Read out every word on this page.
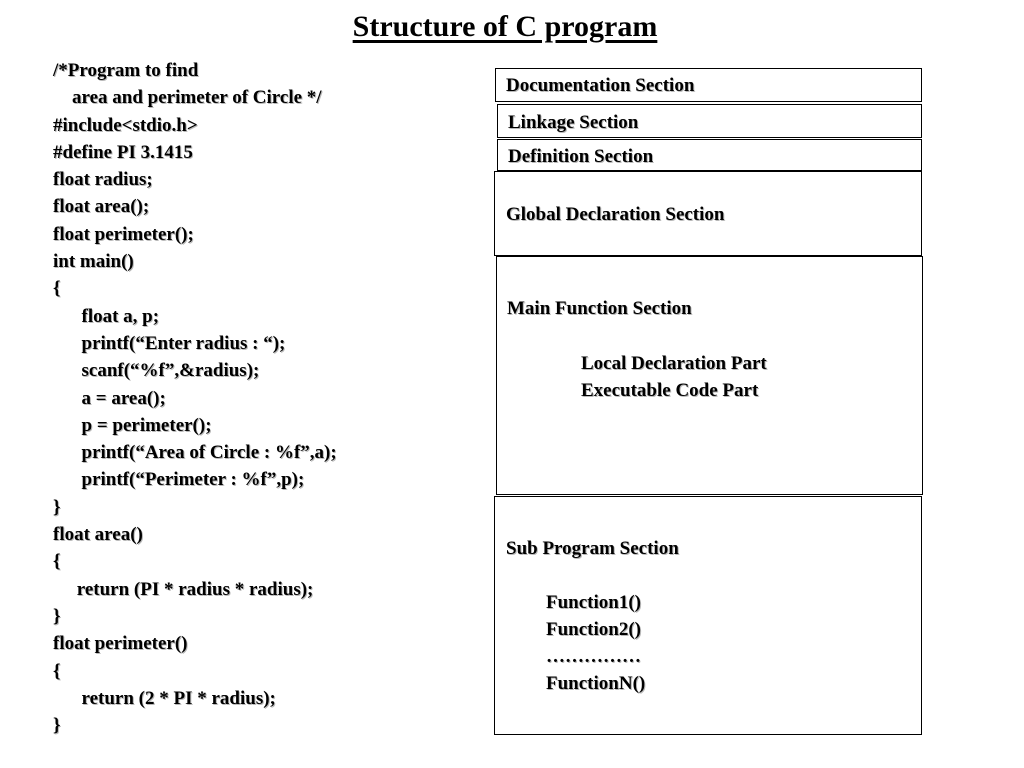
Structure of C program
/*Program to find
area and perimeter of Circle */
#include<stdio.h>
#define PI 3.1415
float radius;
float area();
float perimeter();
int main()
{
float a, p;
printf(“Enter radius : “);
scanf(“%f”,&radius);
a = area();
p = perimeter();
printf(“Area of Circle : %f”,a);
printf(“Perimeter : %f”,p);
}
float area()
{
return (PI * radius * radius);
}
float perimeter()
{
return (2 * PI * radius);
}
Documentation Section
Linkage Section
Definition Section
Global Declaration Section
Main Function Section
Local Declaration Part
Executable Code Part
Sub Program Section
Function1()
Function2()
……………
FunctionN()
